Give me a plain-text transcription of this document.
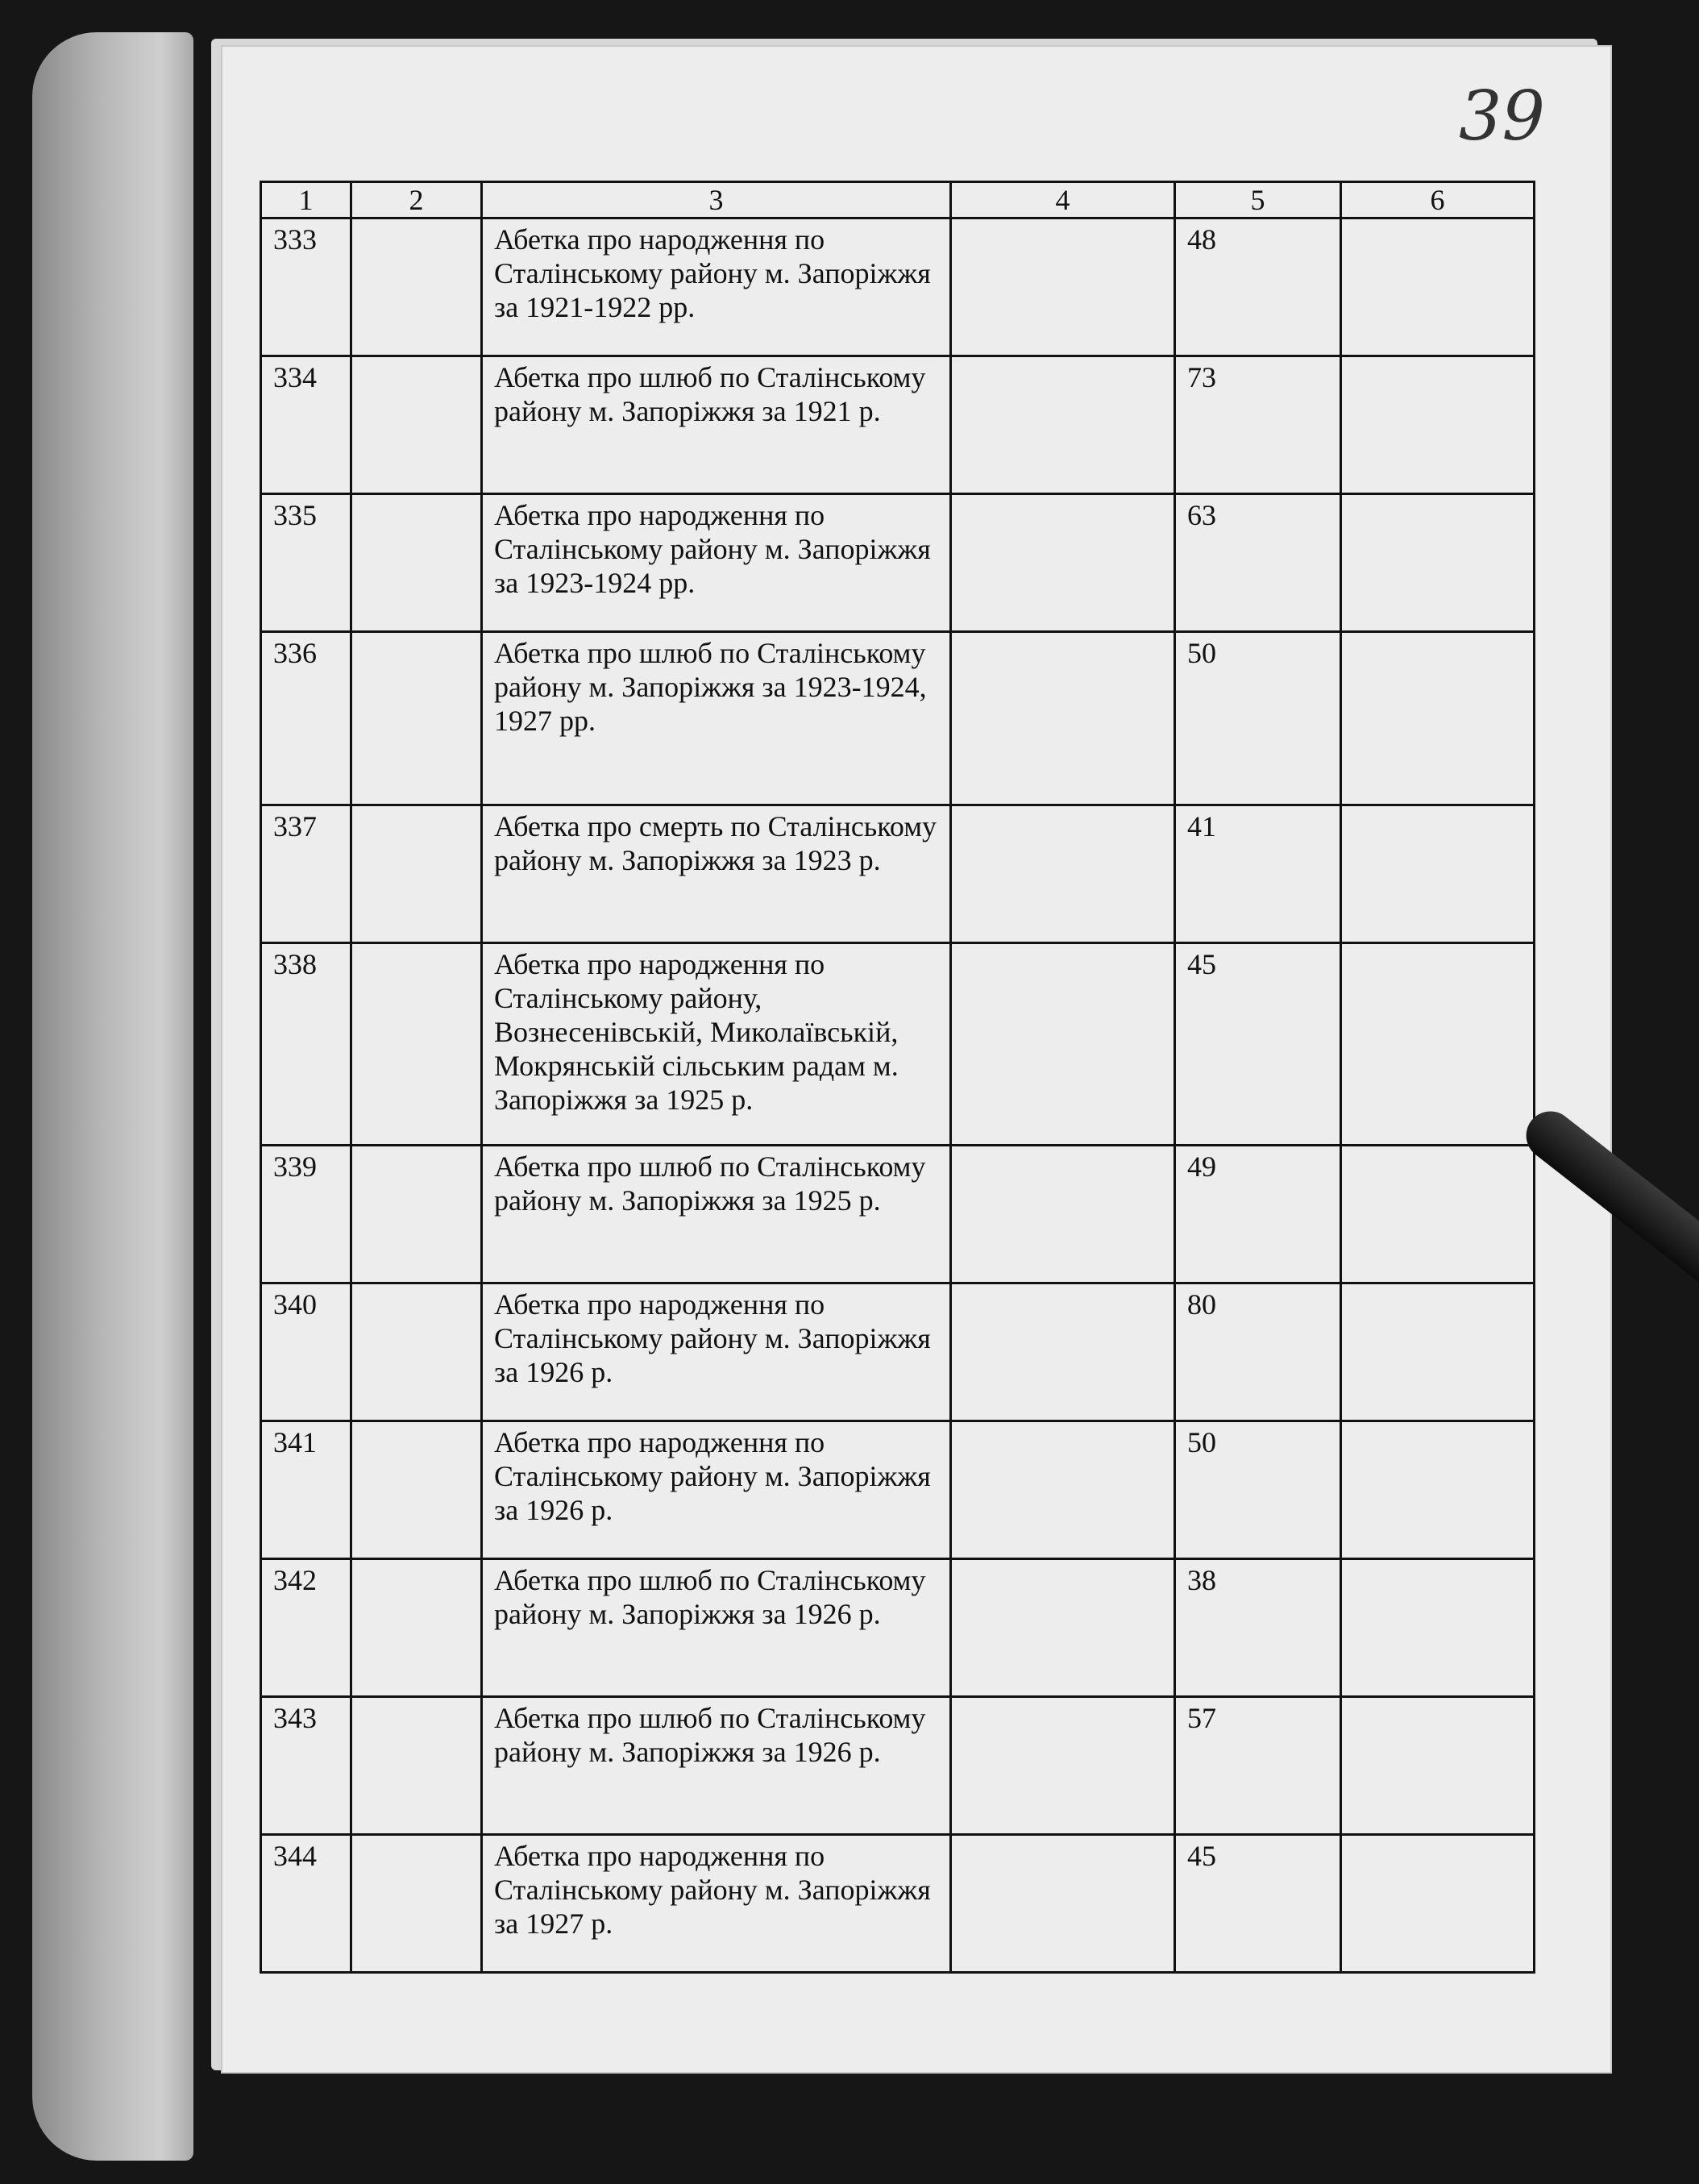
39
1	2	3	4	5	6
333		Абетка про народження по Сталінському району м. Запоріжжя за 1921-1922 рр.		48	
334		Абетка про шлюб по Сталінському району м. Запоріжжя за 1921 р.		73	
335		Абетка про народження по Сталінському району м. Запоріжжя за 1923-1924 рр.		63	
336		Абетка про шлюб по Сталінському району м. Запоріжжя за 1923-1924, 1927 рр.		50	
337		Абетка про смерть по Сталінському району м. Запоріжжя за 1923 р.		41	
338		Абетка про народження по Сталінському району, Вознесенівській, Миколаївській, Мокрянській сільським радам м. Запоріжжя за 1925 р.		45	
339		Абетка про шлюб по Сталінському району м. Запоріжжя за 1925 р.		49	
340		Абетка про народження по Сталінському району м. Запоріжжя за 1926 р.		80	
341		Абетка про народження по Сталінському району м. Запоріжжя за 1926 р.		50	
342		Абетка про шлюб по Сталінському району м. Запоріжжя за 1926 р.		38	
343		Абетка про шлюб по Сталінському району м. Запоріжжя за 1926 р.		57	
344		Абетка про народження по Сталінському району м. Запоріжжя за 1927 р.		45	
